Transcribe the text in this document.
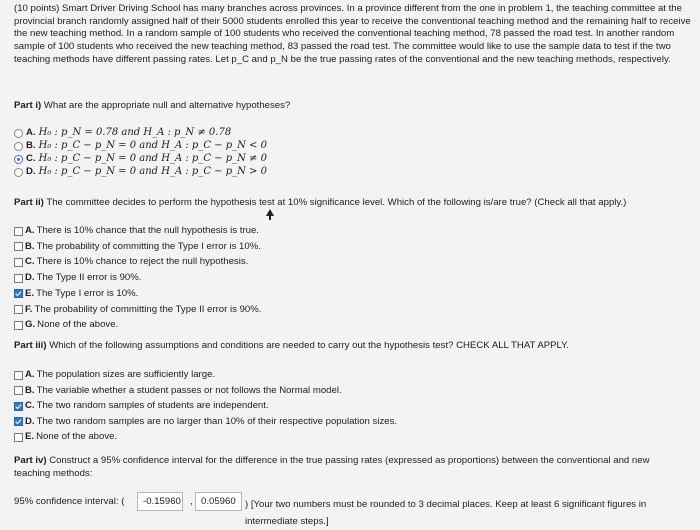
(10 points) Smart Driver Driving School has many branches across provinces. In a province different from the one in problem 1, the teaching committee at the provincial branch randomly assigned half of their 5000 students enrolled this year to receive the conventional teaching method and the remaining half to receive the new teaching method. In a random sample of 100 students who received the conventional teaching method, 78 passed the road test. In another random sample of 100 students who received the new teaching method, 83 passed the road test. The committee would like to use the sample data to test if the two teaching methods have different passing rates. Let p_C and p_N be the true passing rates of the conventional and the new teaching methods, respectively.

Part i) What are the appropriate null and alternative hypotheses?

A. H₀ : p_N = 0.78 and H_A : p_N ≠ 0.78
B. H₀ : p_C − p_N = 0 and H_A : p_C − p_N < 0
C. H₀ : p_C − p_N = 0 and H_A : p_C − p_N ≠ 0
D. H₀ : p_C − p_N = 0 and H_A : p_C − p_N > 0

Part ii) The committee decides to perform the hypothesis test at 10% significance level. Which of the following is/are true? (Check all that apply.)

A. There is 10% chance that the null hypothesis is true.
B. The probability of committing the Type I error is 10%.
C. There is 10% chance to reject the null hypothesis.
D. The Type II error is 90%.
E. The Type I error is 10%.
F. The probability of committing the Type II error is 90%.
G. None of the above.

Part iii) Which of the following assumptions and conditions are needed to carry out the hypothesis test? CHECK ALL THAT APPLY.

A. The population sizes are sufficiently large.
B. The variable whether a student passes or not follows the Normal model.
C. The two random samples of students are independent.
D. The two random samples are no larger than 10% of their respective population sizes.
E. None of the above.

Part iv) Construct a 95% confidence interval for the difference in the true passing rates (expressed as proportions) between the conventional and new teaching methods:

95% confidence interval: (	-0.15960 , 0.05960 ) [Your two numbers must be rounded to 3 decimal places. Keep at least 6 significant figures in intermediate steps.]
